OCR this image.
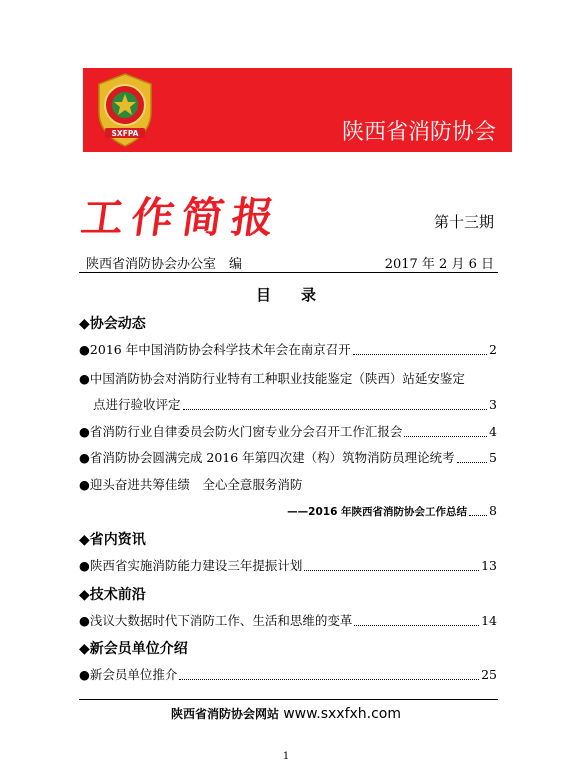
SXFPA	陕西省消防协会
工作简报	第十三期
陕西省消防协会办公室　编	2017 年 2 月 6 日
目　　录
◆协会动态
●2016 年中国消防协会科学技术年会在南京召开	2
●中国消防协会对消防行业特有工种职业技能鉴定（陕西）站延安鉴定
点进行验收评定	3
●省消防行业自律委员会防火门窗专业分会召开工作汇报会	4
●省消防协会圆满完成 2016 年第四次建（构）筑物消防员理论统考	5
●迎头奋进共筹佳绩　全心全意服务消防
——2016 年陕西省消防协会工作总结 8
◆省内资讯
●陕西省实施消防能力建设三年提振计划	13
◆技术前沿
●浅议大数据时代下消防工作、生活和思维的变革	14
◆新会员单位介绍
●新会员单位推介	25
陕西省消防协会网站 www.sxxfxh.com
1
